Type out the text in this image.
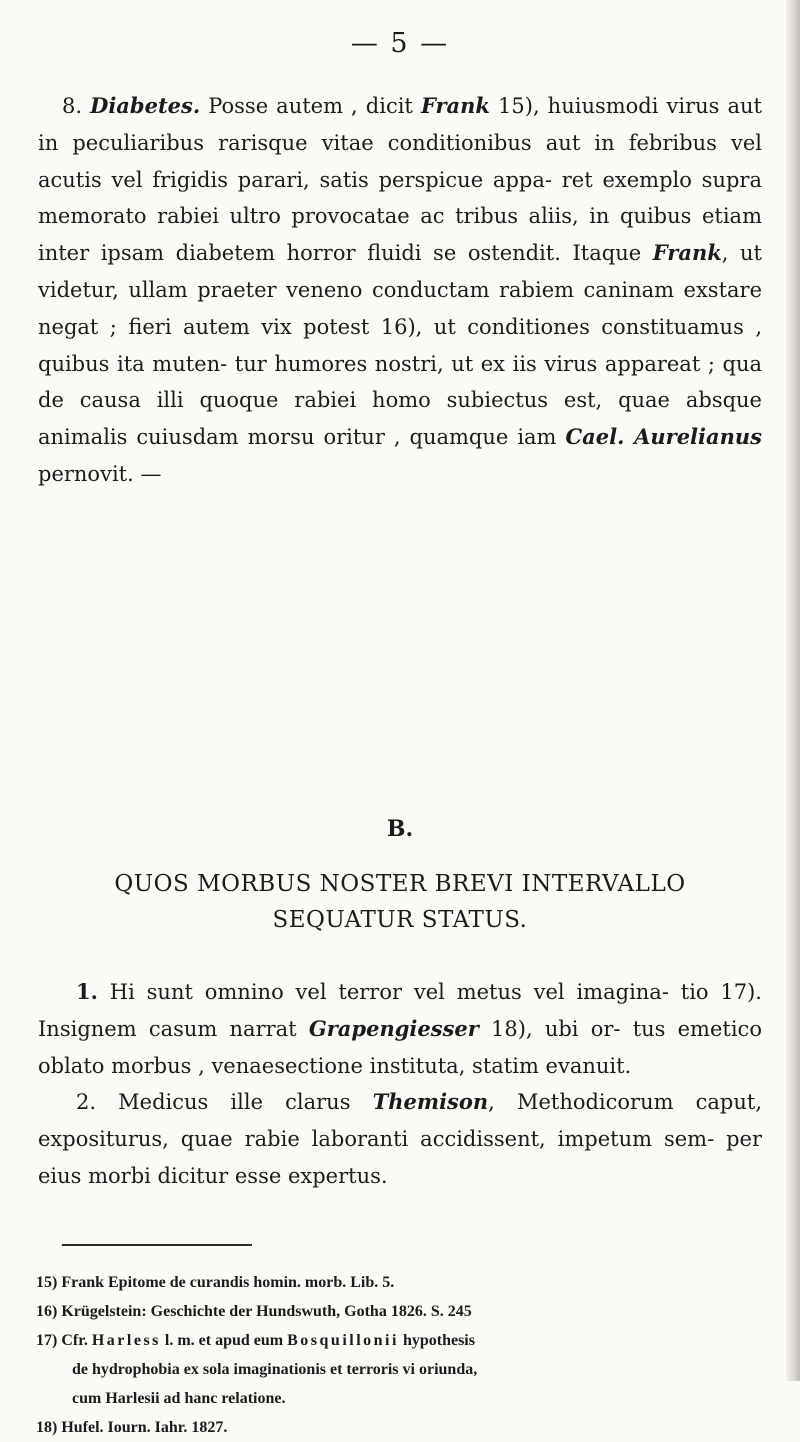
— 5 —

8. Diabetes. Posse autem , dicit Frank 15), huiusmodi virus aut in peculiaribus rarisque vitae conditionibus aut in febribus vel acutis vel frigidis parari, satis perspicue appa- ret exemplo supra memorato rabiei ultro provocatae ac tribus aliis, in quibus etiam inter ipsam diabetem horror fluidi se ostendit. Itaque Frank, ut videtur, ullam praeter veneno conductam rabiem caninam exstare negat ; fieri autem vix potest 16), ut conditiones constituamus , quibus ita muten- tur humores nostri, ut ex iis virus appareat ; qua de causa illi quoque rabiei homo subiectus est, quae absque animalis cuiusdam morsu oritur , quamque iam Cael. Aurelianus pernovit. —

B.
QUOS MORBUS NOSTER BREVI INTERVALLO
SEQUATUR STATUS.

1. Hi sunt omnino vel terror vel metus vel imagina- tio 17). Insignem casum narrat Grapengiesser 18), ubi or- tus emetico oblato morbus , venaesectione instituta, statim evanuit.

2. Medicus ille clarus Themison, Methodicorum caput, expositurus, quae rabie laboranti accidissent, impetum sem- per eius morbi dicitur esse expertus.

15) Frank Epitome de curandis homin. morb. Lib. 5.

16) Krügelstein: Geschichte der Hundswuth, Gotha 1826. S. 245

17) Cfr. Harless l. m. et apud eum Bosquillonii hypothesis

de hydrophobia ex sola imaginationis et terroris vi oriunda,

cum Harlesii ad hanc relatione.

18) Hufel. Iourn. Iahr. 1827.
